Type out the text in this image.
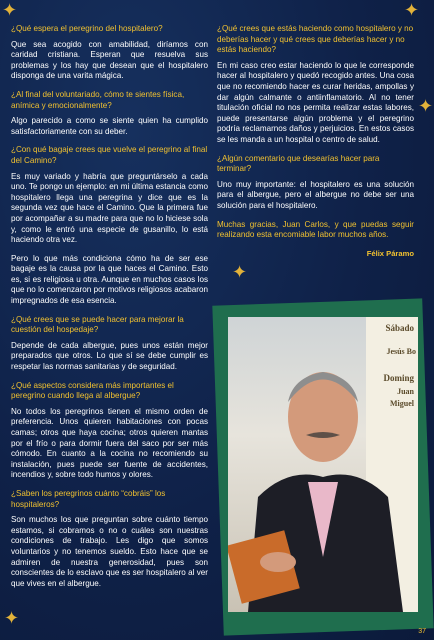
✦	✦
✦
✦
✦

¿Qué espera el peregrino del hospitalero?

Que sea acogido con amabilidad, diríamos con caridad cristiana. Esperan que resuelva sus problemas y los hay que desean que el hospitalero disponga de una varita mágica.

¿Al final del voluntariado, cómo te sientes física, anímica y emocionalmente?

Algo parecido a como se siente quien ha cumplido satisfactoriamente con su deber.

¿Con qué bagaje crees que vuelve el peregrino al final del Camino?

Es muy variado y habría que preguntárselo a cada uno. Te pongo un ejemplo: en mi última estancia como hospitalero llega una peregrina y dice que es la segunda vez que hace el Camino. Que la primera fue por acompañar a su madre para que no lo hiciese sola y, como le entró una especie de gusanillo, lo está haciendo otra vez.

Pero lo que más condiciona cómo ha de ser ese bagaje es la causa por la que haces el Camino. Esto es, si es religiosa u otra. Aunque en muchos casos los que no lo comenzaron por motivos religiosos acabaron impregnados de esa esencia.

¿Qué crees que se puede hacer para mejorar la cuestión del hospedaje?

Depende de cada albergue, pues unos están mejor preparados que otros. Lo que sí se debe cumplir es respetar las normas sanitarias y de seguridad.

¿Qué aspectos considera más importantes el peregrino cuando llega al albergue?

No todos los peregrinos tienen el mismo orden de preferencia. Unos quieren habitaciones con pocas camas; otros que haya cocina; otros quieren mantas por el frío o para dormir fuera del saco por ser más cómodo. En cuanto a la cocina no recomiendo su instalación, pues puede ser fuente de accidentes, incendios y, sobre todo humos y olores.

¿Saben los peregrinos cuánto “cobráis” los hospitaleros?

Son muchos los que preguntan sobre cuánto tiempo estamos, si cobramos o no o cuáles son nuestras condiciones de trabajo. Les digo que somos voluntarios y no tenemos sueldo. Esto hace que se admiren de nuestra generosidad, pues son conscientes de lo esclavo que es ser hospitalero al ver que vives en el albergue.

¿Qué crees que estás haciendo como hospitalero y no deberías hacer y qué crees que deberías hacer y no estás haciendo?

En mi caso creo estar haciendo lo que le corresponde hacer al hospitalero y quedó recogido antes. Una cosa que no recomiendo hacer es curar heridas, ampollas y dar algún calmante o antiinflamatorio. Al no tener titulación oficial no nos permita realizar estas labores, puede presentarse algún problema y el peregrino podría reclamarnos daños y perjuicios. En estos casos se les manda a un hospital o centro de salud.

¿Algún comentario que desearías hacer para terminar?

Uno muy importante: el hospitalero es una solución para el albergue, pero el albergue no debe ser una solución para el hospitalero.

Muchas gracias, Juan Carlos, y que puedas seguir realizando esta encomiable labor muchos años.

Félix Páramo

Sábado
Jesús Bo
Doming
Juan
Miguel
37
